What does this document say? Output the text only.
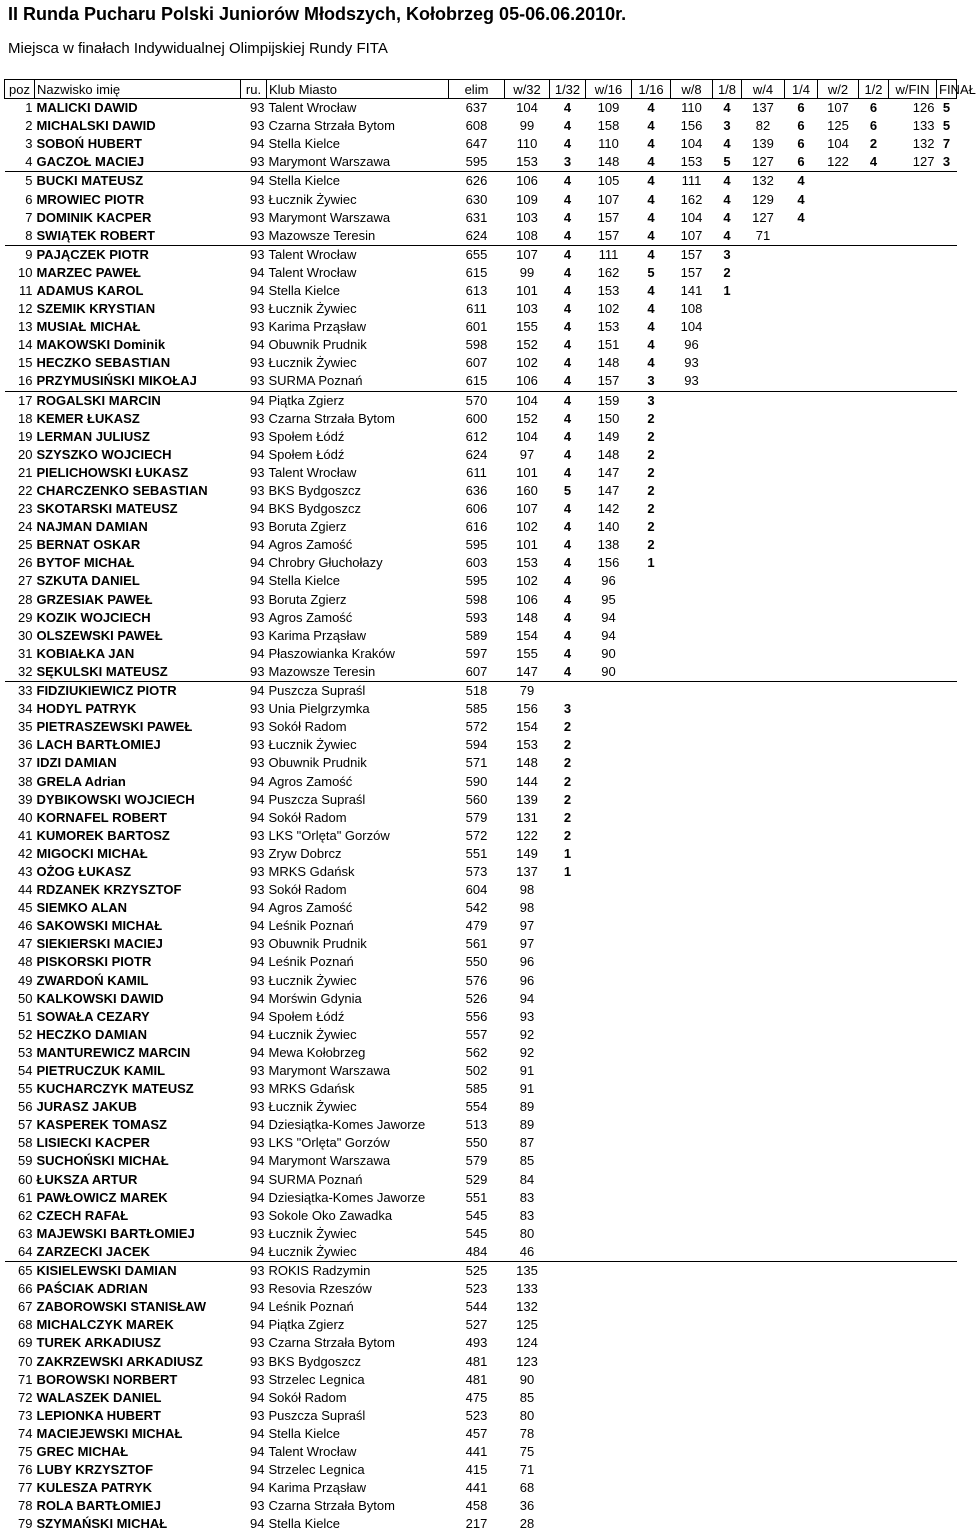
II Runda Pucharu Polski Juniorów Młodszych, Kołobrzeg 05-06.06.2010r.
Miejsca w finałach Indywidualnej Olimpijskiej Rundy FITA
poz	Nazwisko imię	ru.	Klub Miasto	elim	w/32	1/32	w/16	1/16	w/8	1/8	w/4	1/4	w/2	1/2	w/FIN	FINAŁ
1	MALICKI DAWID	93	Talent Wrocław	637	104	4	109	4	110	4	137	6	107	6	126	5
2	MICHALSKI DAWID	93	Czarna Strzała Bytom	608	99	4	158	4	156	3	82	6	125	6	133	5
3	SOBOŃ HUBERT	94	Stella Kielce	647	110	4	110	4	104	4	139	6	104	2	132	7
4	GACZOŁ MACIEJ	93	Marymont Warszawa	595	153	3	148	4	153	5	127	6	122	4	127	3
5	BUCKI MATEUSZ	94	Stella Kielce	626	106	4	105	4	111	4	132	4				
6	MROWIEC PIOTR	93	Łucznik Żywiec	630	109	4	107	4	162	4	129	4				
7	DOMINIK KACPER	93	Marymont Warszawa	631	103	4	157	4	104	4	127	4				
8	SWIĄTEK ROBERT	93	Mazowsze Teresin	624	108	4	157	4	107	4	71					
9	PAJĄCZEK PIOTR	93	Talent Wrocław	655	107	4	111	4	157	3						
10	MARZEC PAWEŁ	94	Talent Wrocław	615	99	4	162	5	157	2						
11	ADAMUS KAROL	94	Stella Kielce	613	101	4	153	4	141	1						
12	SZEMIK KRYSTIAN	93	Łucznik Żywiec	611	103	4	102	4	108							
13	MUSIAŁ MICHAŁ	93	Karima Prząsław	601	155	4	153	4	104							
14	MAKOWSKI Dominik	94	Obuwnik Prudnik	598	152	4	151	4	96							
15	HECZKO SEBASTIAN	93	Łucznik Żywiec	607	102	4	148	4	93							
16	PRZYMUSIŃSKI MIKOŁAJ	93	SURMA Poznań	615	106	4	157	3	93							
17	ROGALSKI MARCIN	94	Piątka Zgierz	570	104	4	159	3								
18	KEMER ŁUKASZ	93	Czarna Strzała Bytom	600	152	4	150	2								
19	LERMAN JULIUSZ	93	Społem Łódź	612	104	4	149	2								
20	SZYSZKO WOJCIECH	94	Społem Łódź	624	97	4	148	2								
21	PIELICHOWSKI ŁUKASZ	93	Talent Wrocław	611	101	4	147	2								
22	CHARCZENKO SEBASTIAN	93	BKS Bydgoszcz	636	160	5	147	2								
23	SKOTARSKI MATEUSZ	94	BKS Bydgoszcz	606	107	4	142	2								
24	NAJMAN DAMIAN	93	Boruta Zgierz	616	102	4	140	2								
25	BERNAT OSKAR	94	Agros Zamość	595	101	4	138	2								
26	BYTOF MICHAŁ	94	Chrobry Głuchołazy	603	153	4	156	1								
27	SZKUTA DANIEL	94	Stella Kielce	595	102	4	96									
28	GRZESIAK PAWEŁ	93	Boruta Zgierz	598	106	4	95									
29	KOZIK WOJCIECH	93	Agros Zamość	593	148	4	94									
30	OLSZEWSKI PAWEŁ	93	Karima Prząsław	589	154	4	94									
31	KOBIAŁKA JAN	94	Płaszowianka Kraków	597	155	4	90									
32	SĘKULSKI MATEUSZ	93	Mazowsze Teresin	607	147	4	90									
33	FIDZIUKIEWICZ PIOTR	94	Puszcza Supraśl	518	79											
34	HODYL PATRYK	93	Unia Pielgrzymka	585	156	3										
35	PIETRASZEWSKI PAWEŁ	93	Sokół Radom	572	154	2										
36	LACH BARTŁOMIEJ	93	Łucznik Żywiec	594	153	2										
37	IDZI DAMIAN	93	Obuwnik Prudnik	571	148	2										
38	GRELA Adrian	94	Agros Zamość	590	144	2										
39	DYBIKOWSKI WOJCIECH	94	Puszcza Supraśl	560	139	2										
40	KORNAFEL ROBERT	94	Sokół Radom	579	131	2										
41	KUMOREK BARTOSZ	93	LKS "Orlęta" Gorzów	572	122	2										
42	MIGOCKI MICHAŁ	93	Zryw Dobrcz	551	149	1										
43	OŻOG ŁUKASZ	93	MRKS Gdańsk	573	137	1										
44	RDZANEK KRZYSZTOF	93	Sokół Radom	604	98											
45	SIEMKO ALAN	94	Agros Zamość	542	98											
46	SAKOWSKI MICHAŁ	94	Leśnik Poznań	479	97											
47	SIEKIERSKI MACIEJ	93	Obuwnik Prudnik	561	97											
48	PISKORSKI PIOTR	94	Leśnik Poznań	550	96											
49	ZWARDOŃ KAMIL	93	Łucznik Żywiec	576	96											
50	KALKOWSKI DAWID	94	Morświn Gdynia	526	94											
51	SOWAŁA CEZARY	94	Społem Łódź	556	93											
52	HECZKO DAMIAN	94	Łucznik Żywiec	557	92											
53	MANTUREWICZ MARCIN	94	Mewa Kołobrzeg	562	92											
54	PIETRUCZUK KAMIL	93	Marymont Warszawa	502	91											
55	KUCHARCZYK MATEUSZ	93	MRKS Gdańsk	585	91											
56	JURASZ JAKUB	93	Łucznik Żywiec	554	89											
57	KASPEREK TOMASZ	94	Dziesiątka-Komes Jaworze	513	89											
58	LISIECKI KACPER	93	LKS "Orlęta" Gorzów	550	87											
59	SUCHOŃSKI MICHAŁ	94	Marymont Warszawa	579	85											
60	ŁUKSZA ARTUR	94	SURMA Poznań	529	84											
61	PAWŁOWICZ MAREK	94	Dziesiątka-Komes Jaworze	551	83											
62	CZECH RAFAŁ	93	Sokole Oko Zawadka	545	83											
63	MAJEWSKI BARTŁOMIEJ	93	Łucznik Żywiec	545	80											
64	ZARZECKI JACEK	94	Łucznik Żywiec	484	46											
65	KISIELEWSKI DAMIAN	93	ROKIS Radzymin	525	135											
66	PAŚCIAK ADRIAN	93	Resovia Rzeszów	523	133											
67	ZABOROWSKI STANISŁAW	94	Leśnik Poznań	544	132											
68	MICHALCZYK MAREK	94	Piątka Zgierz	527	125											
69	TUREK ARKADIUSZ	93	Czarna Strzała Bytom	493	124											
70	ZAKRZEWSKI ARKADIUSZ	93	BKS Bydgoszcz	481	123											
71	BOROWSKI NORBERT	93	Strzelec Legnica	481	90											
72	WALASZEK DANIEL	94	Sokół Radom	475	85											
73	LEPIONKA HUBERT	93	Puszcza Supraśl	523	80											
74	MACIEJEWSKI MICHAŁ	94	Stella Kielce	457	78											
75	GREC MICHAŁ	94	Talent Wrocław	441	75											
76	LUBY KRZYSZTOF	94	Strzelec Legnica	415	71											
77	KULESZA PATRYK	94	Karima Prząsław	441	68											
78	ROLA BARTŁOMIEJ	93	Czarna Strzała Bytom	458	36											
79	SZYMAŃSKI MICHAŁ	94	Stella Kielce	217	28											
